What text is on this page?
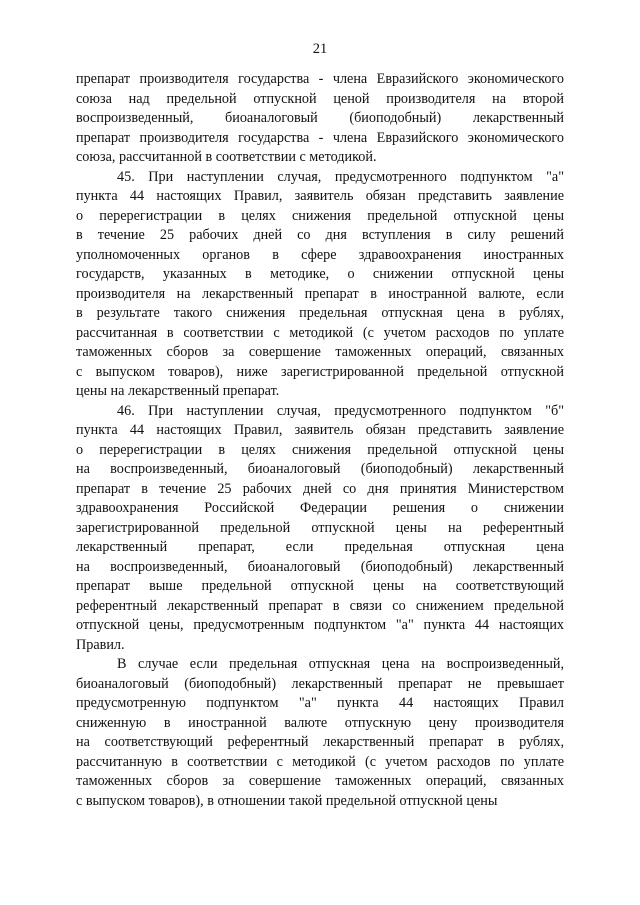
21
препарат производителя государства - члена Евразийского экономического
союза над предельной отпускной ценой производителя на второй
воспроизведенный, биоаналоговый (биоподобный) лекарственный
препарат производителя государства - члена Евразийского экономического
союза, рассчитанной в соответствии с методикой.
45. При наступлении случая, предусмотренного подпунктом "а"
пункта 44 настоящих Правил, заявитель обязан представить заявление
о перерегистрации в целях снижения предельной отпускной цены
в течение 25 рабочих дней со дня вступления в силу решений
уполномоченных органов в сфере здравоохранения иностранных
государств, указанных в методике, о снижении отпускной цены
производителя на лекарственный препарат в иностранной валюте, если
в результате такого снижения предельная отпускная цена в рублях,
рассчитанная в соответствии с методикой (с учетом расходов по уплате
таможенных сборов за совершение таможенных операций, связанных
с выпуском товаров), ниже зарегистрированной предельной отпускной
цены на лекарственный препарат.
46. При наступлении случая, предусмотренного подпунктом "б"
пункта 44 настоящих Правил, заявитель обязан представить заявление
о перерегистрации в целях снижения предельной отпускной цены
на воспроизведенный, биоаналоговый (биоподобный) лекарственный
препарат в течение 25 рабочих дней со дня принятия Министерством
здравоохранения Российской Федерации решения о снижении
зарегистрированной предельной отпускной цены на референтный
лекарственный препарат, если предельная отпускная цена
на воспроизведенный, биоаналоговый (биоподобный) лекарственный
препарат выше предельной отпускной цены на соответствующий
референтный лекарственный препарат в связи со снижением предельной
отпускной цены, предусмотренным подпунктом "а" пункта 44 настоящих
Правил.
В случае если предельная отпускная цена на воспроизведенный,
биоаналоговый (биоподобный) лекарственный препарат не превышает
предусмотренную подпунктом "а" пункта 44 настоящих Правил
сниженную в иностранной валюте отпускную цену производителя
на соответствующий референтный лекарственный препарат в рублях,
рассчитанную в соответствии с методикой (с учетом расходов по уплате
таможенных сборов за совершение таможенных операций, связанных
с выпуском товаров), в отношении такой предельной отпускной цены
